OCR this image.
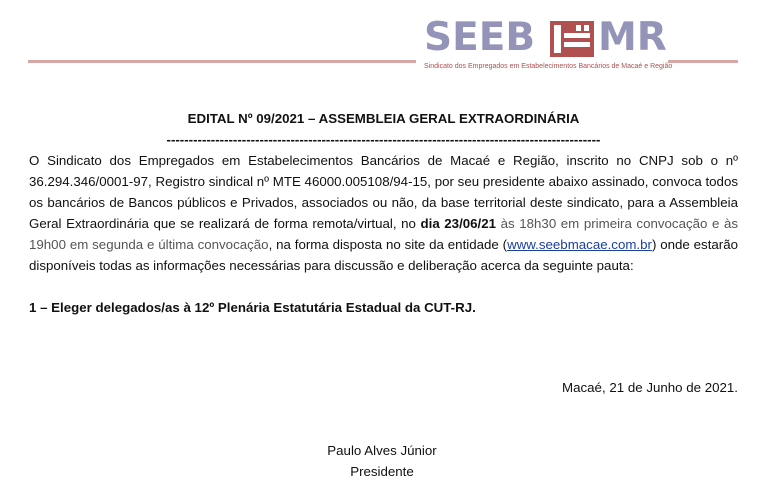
SEEB MR
Sindicato dos Empregados em Estabelecimentos Bancários de Macaé e Região

EDITAL Nº 09/2021 – ASSEMBLEIA GERAL EXTRAORDINÁRIA

--------------------------------------------------------------------------------------------------

O Sindicato dos Empregados em Estabelecimentos Bancários de Macaé e Região, inscrito no CNPJ sob o nº 36.294.346/0001-97, Registro sindical nº MTE 46000.005108/94-15, por seu presidente abaixo assinado, convoca todos os bancários de Bancos públicos e Privados, associados ou não, da base territorial deste sindicato, para a Assembleia Geral Extraordinária que se realizará de forma remota/virtual, no dia 23/06/21 às 18h30 em primeira convocação e às 19h00 em segunda e última convocação, na forma disposta no site da entidade (www.seebmacae.com.br) onde estarão disponíveis todas as informações necessárias para discussão e deliberação acerca da seguinte pauta:

1 – Eleger delegados/as à 12º Plenária Estatutária Estadual da CUT-RJ.

Macaé, 21 de Junho de 2021.
Paulo Alves Júnior
Presidente
